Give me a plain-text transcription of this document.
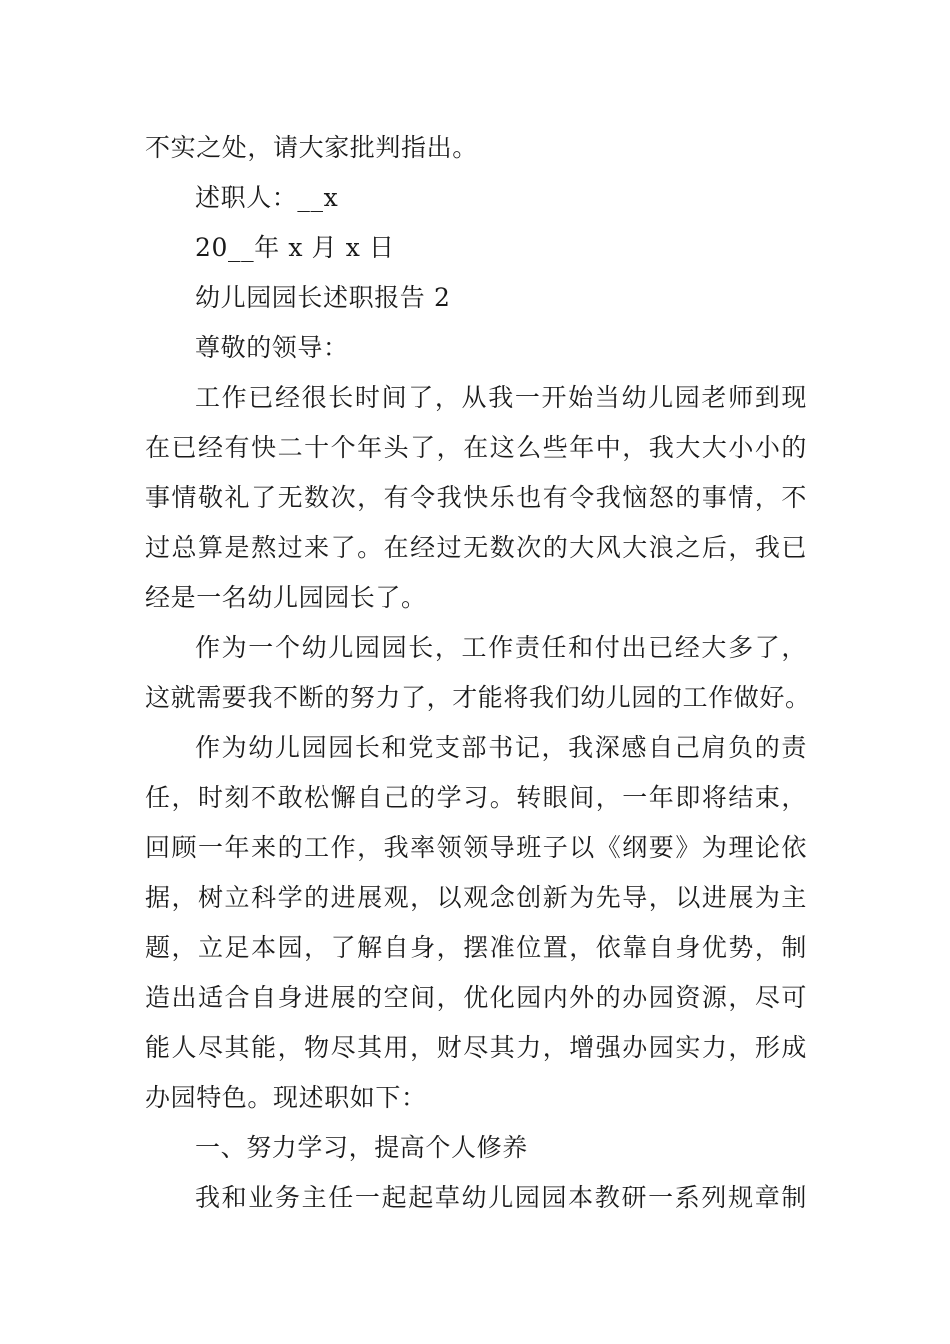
不实之处，请大家批判指出。
述职人：__x
20__年 x 月 x 日
幼儿园园长述职报告 2
尊敬的领导：
工作已经很长时间了，从我一开始当幼儿园老师到现
在已经有快二十个年头了，在这么些年中，我大大小小的
事情敬礼了无数次，有令我快乐也有令我恼怒的事情，不
过总算是熬过来了。在经过无数次的大风大浪之后，我已
经是一名幼儿园园长了。
作为一个幼儿园园长，工作责任和付出已经大多了，
这就需要我不断的努力了，才能将我们幼儿园的工作做好。
作为幼儿园园长和党支部书记，我深感自己肩负的责
任，时刻不敢松懈自己的学习。转眼间，一年即将结束，
回顾一年来的工作，我率领领导班子以《纲要》为理论依
据，树立科学的进展观，以观念创新为先导，以进展为主
题，立足本园，了解自身，摆准位置，依靠自身优势，制
造出适合自身进展的空间，优化园内外的办园资源，尽可
能人尽其能，物尽其用，财尽其力，增强办园实力，形成
办园特色。现述职如下：
一、努力学习，提高个人修养
我和业务主任一起起草幼儿园园本教研一系列规章制
